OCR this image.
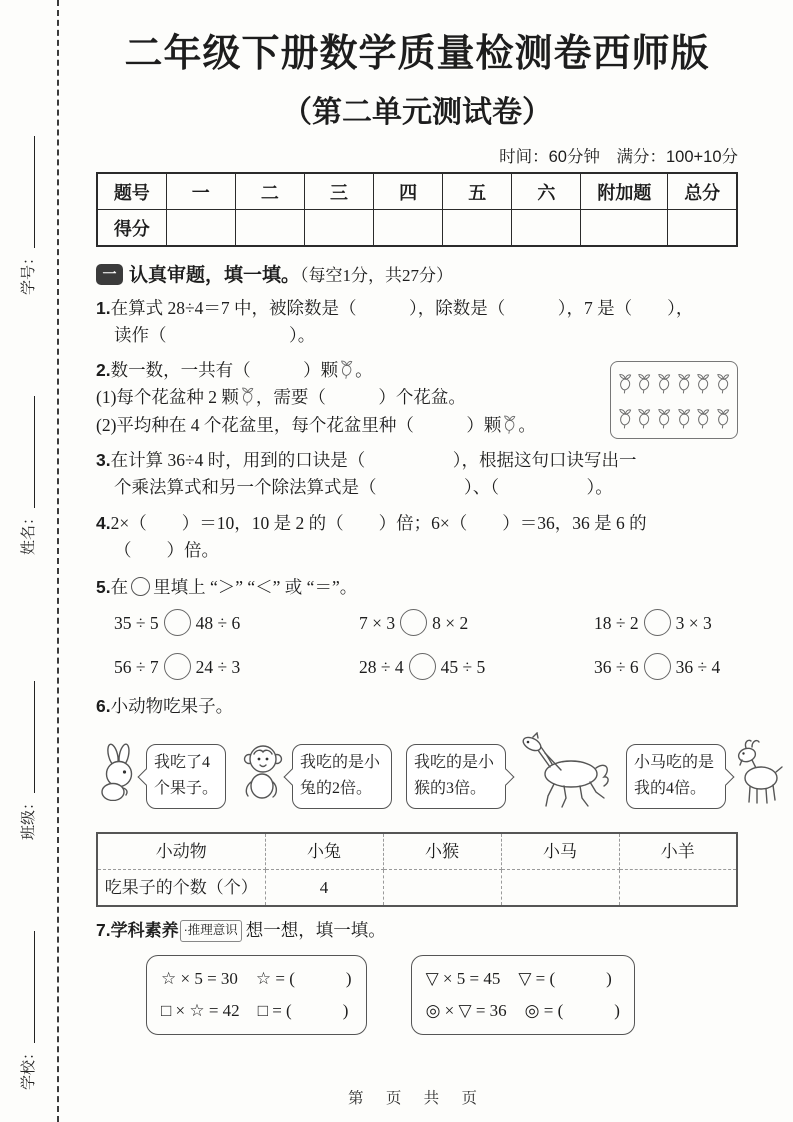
学号：
姓名：
班级：
学校：
二年级下册数学质量检测卷西师版
（第二单元测试卷）
时间：60分钟　满分：100+10分
题号	一	二	三	四	五	六	附加题	总分
得分								
一 认真审题，填一填。（每空1分，共27分）

1.在算式 28÷4＝7 中，被除数是（　　　），除数是（　　　），7 是（　　），

读作（　　　　　　　）。

2.数一数，一共有（　　　）颗 。

(1)每个花盆种 2 颗 ，需要（　　　）个花盆。

(2)平均种在 4 个花盆里，每个花盆里种（　　　）颗 。

3.在计算 36÷4 时，用到的口诀是（　　　　　），根据这句口诀写出一

个乘法算式和另一个除法算式是（　　　　　）、（　　　　　）。

4.2×（　　）＝10，10 是 2 的（　　）倍；6×（　　）＝36，36 是 6 的

（　　）倍。

5.在 里填上 “＞” “＜” 或 “＝”。

35 ÷ 5 48 ÷ 6	7 × 3 8 × 2	18 ÷ 2 3 × 3
56 ÷ 7 24 ÷ 3	28 ÷ 4 45 ÷ 5	36 ÷ 6 36 ÷ 4

6.小动物吃果子。

我吃了4个果子。
我吃的是小兔的2倍。
我吃的是小猴的3倍。
小马吃的是我的4倍。
小动物	小兔	小猴	小马	小羊
吃果子的个数（个）	4			

7.学科素养 ·推理意识 想一想，填一填。

☆ × 5 = 30 ☆ = (　　　)
□ × ☆ = 42 □ = (　　　)
▽ × 5 = 45 ▽ = (　　　)
◎ × ▽ = 36 ◎ = (　　　)
第 页 共 页
